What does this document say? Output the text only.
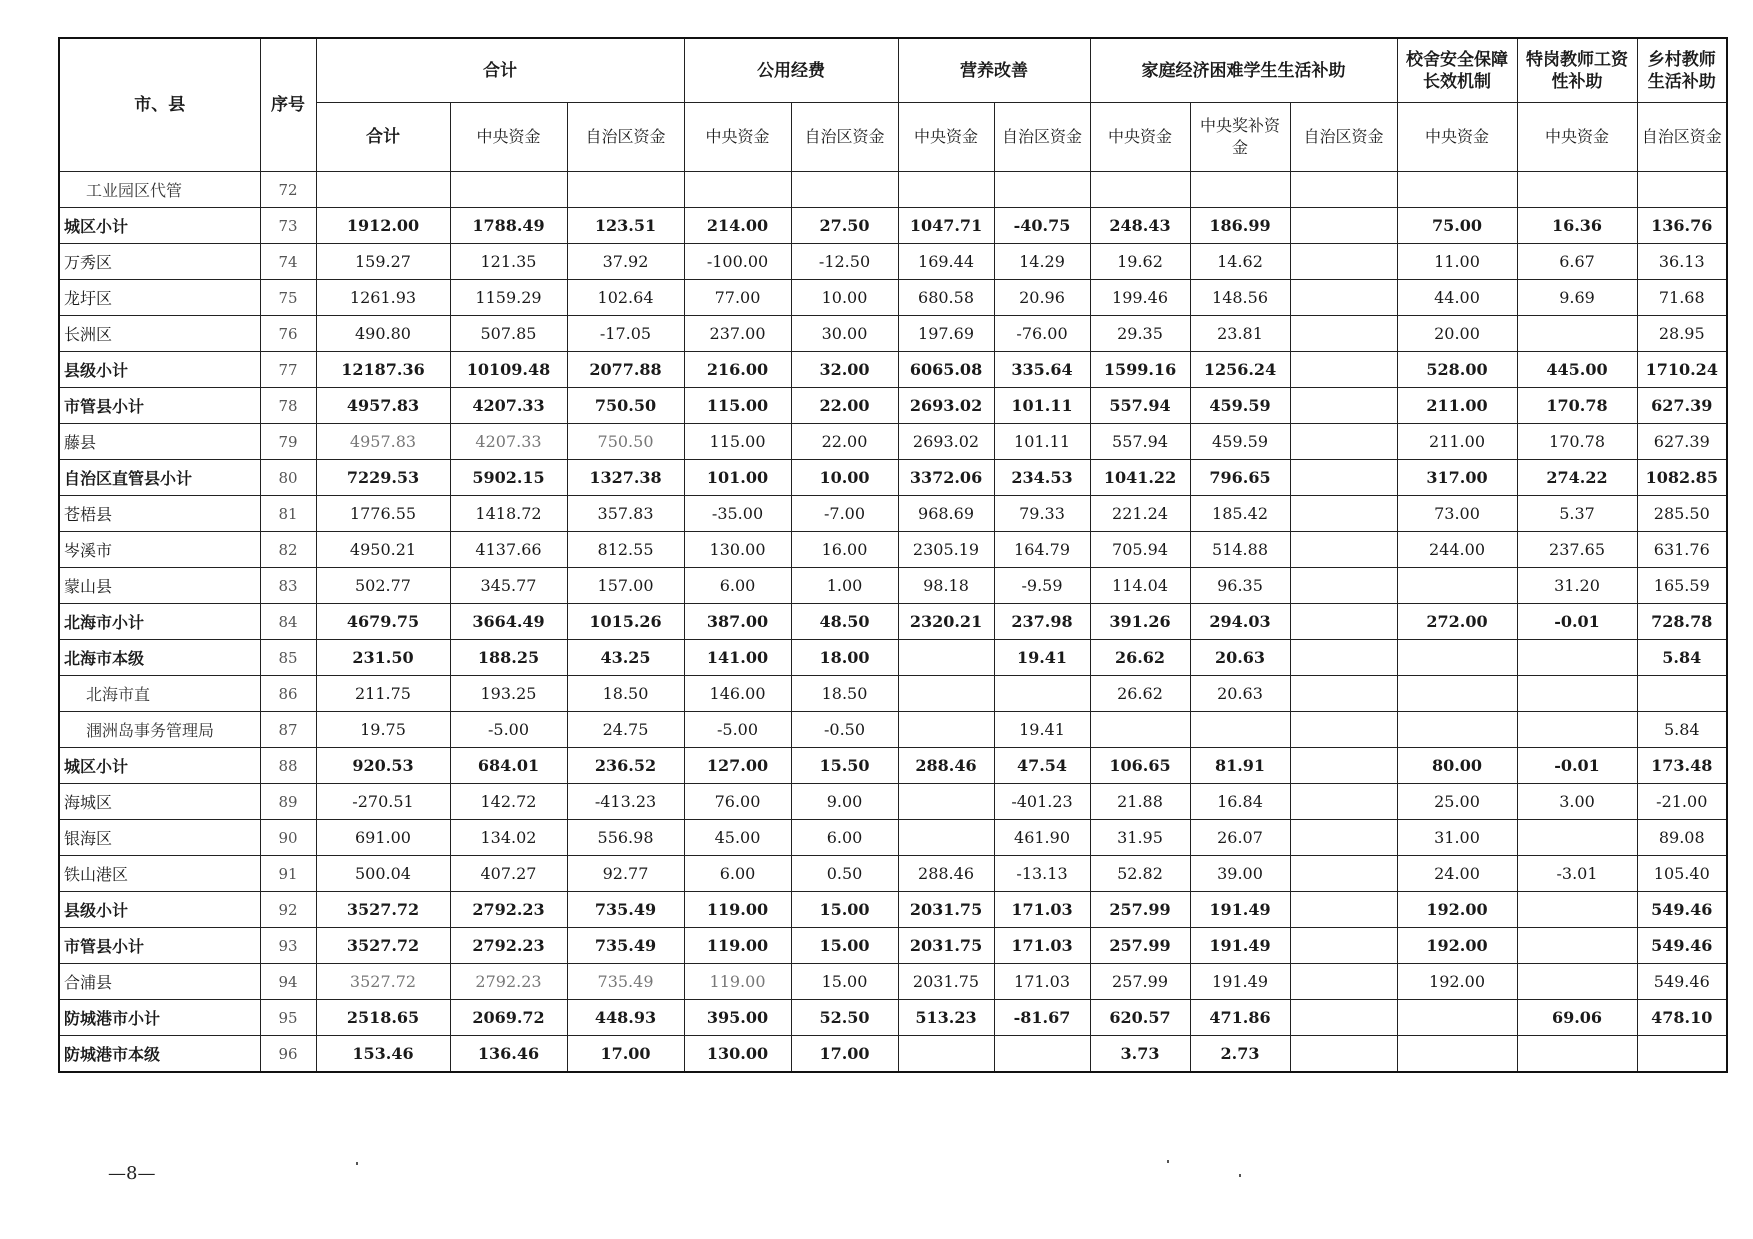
市、县	序号	合计			公用经费		营养改善		家庭经济困难学生生活补助			校舍安全保障长效机制	特岗教师工资性补助	乡村教师生活补助
		合计	中央资金	自治区资金	中央资金	自治区资金	中央资金	自治区资金	中央资金	中央奖补资金	自治区资金	中央资金	中央资金	自治区资金
工业园区代管	72													
城区小计	73	1912.00	1788.49	123.51	214.00	27.50	1047.71	-40.75	248.43	186.99		75.00	16.36	136.76
万秀区	74	159.27	121.35	37.92	-100.00	-12.50	169.44	14.29	19.62	14.62		11.00	6.67	36.13
龙圩区	75	1261.93	1159.29	102.64	77.00	10.00	680.58	20.96	199.46	148.56		44.00	9.69	71.68
长洲区	76	490.80	507.85	-17.05	237.00	30.00	197.69	-76.00	29.35	23.81		20.00		28.95
县级小计	77	12187.36	10109.48	2077.88	216.00	32.00	6065.08	335.64	1599.16	1256.24		528.00	445.00	1710.24
市管县小计	78	4957.83	4207.33	750.50	115.00	22.00	2693.02	101.11	557.94	459.59		211.00	170.78	627.39
藤县	79	4957.83	4207.33	750.50	115.00	22.00	2693.02	101.11	557.94	459.59		211.00	170.78	627.39
自治区直管县小计	80	7229.53	5902.15	1327.38	101.00	10.00	3372.06	234.53	1041.22	796.65		317.00	274.22	1082.85
苍梧县	81	1776.55	1418.72	357.83	-35.00	-7.00	968.69	79.33	221.24	185.42		73.00	5.37	285.50
岑溪市	82	4950.21	4137.66	812.55	130.00	16.00	2305.19	164.79	705.94	514.88		244.00	237.65	631.76
蒙山县	83	502.77	345.77	157.00	6.00	1.00	98.18	-9.59	114.04	96.35			31.20	165.59
北海市小计	84	4679.75	3664.49	1015.26	387.00	48.50	2320.21	237.98	391.26	294.03		272.00	-0.01	728.78
北海市本级	85	231.50	188.25	43.25	141.00	18.00		19.41	26.62	20.63				5.84
北海市直	86	211.75	193.25	18.50	146.00	18.50			26.62	20.63				
涠洲岛事务管理局	87	19.75	-5.00	24.75	-5.00	-0.50		19.41						5.84
城区小计	88	920.53	684.01	236.52	127.00	15.50	288.46	47.54	106.65	81.91		80.00	-0.01	173.48
海城区	89	-270.51	142.72	-413.23	76.00	9.00		-401.23	21.88	16.84		25.00	3.00	-21.00
银海区	90	691.00	134.02	556.98	45.00	6.00		461.90	31.95	26.07		31.00		89.08
铁山港区	91	500.04	407.27	92.77	6.00	0.50	288.46	-13.13	52.82	39.00		24.00	-3.01	105.40
县级小计	92	3527.72	2792.23	735.49	119.00	15.00	2031.75	171.03	257.99	191.49		192.00		549.46
市管县小计	93	3527.72	2792.23	735.49	119.00	15.00	2031.75	171.03	257.99	191.49		192.00		549.46
合浦县	94	3527.72	2792.23	735.49	119.00	15.00	2031.75	171.03	257.99	191.49		192.00		549.46
防城港市小计	95	2518.65	2069.72	448.93	395.00	52.50	513.23	-81.67	620.57	471.86			69.06	478.10
防城港市本级	96	153.46	136.46	17.00	130.00	17.00			3.73	2.73				
—8—
